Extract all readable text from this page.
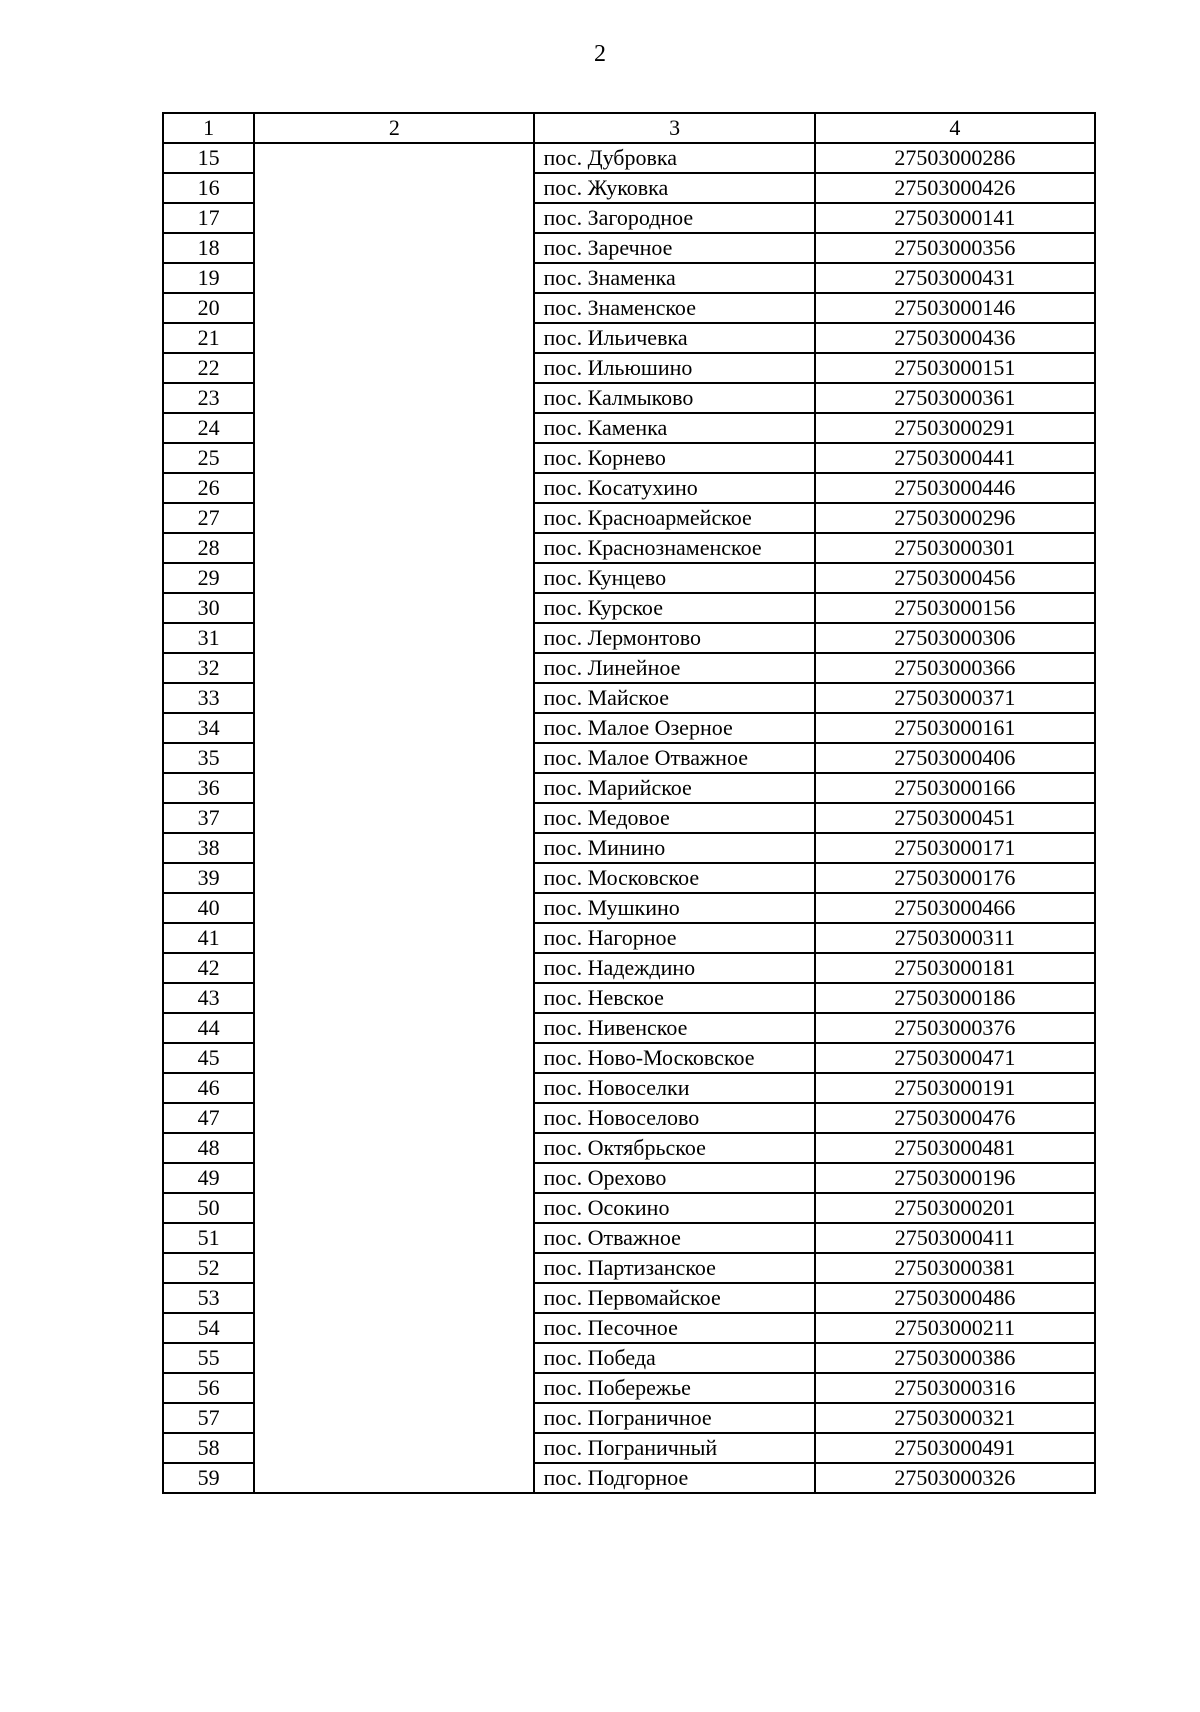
2
1	2	3	4
15		пос. Дубровка	27503000286
16		пос. Жуковка	27503000426
17		пос. Загородное	27503000141
18		пос. Заречное	27503000356
19		пос. Знаменка	27503000431
20		пос. Знаменское	27503000146
21		пос. Ильичевка	27503000436
22		пос. Ильюшино	27503000151
23		пос. Калмыково	27503000361
24		пос. Каменка	27503000291
25		пос. Корнево	27503000441
26		пос. Косатухино	27503000446
27		пос. Красноармейское	27503000296
28		пос. Краснознаменское	27503000301
29		пос. Кунцево	27503000456
30		пос. Курское	27503000156
31		пос. Лермонтово	27503000306
32		пос. Линейное	27503000366
33		пос. Майское	27503000371
34		пос. Малое Озерное	27503000161
35		пос. Малое Отважное	27503000406
36		пос. Марийское	27503000166
37		пос. Медовое	27503000451
38		пос. Минино	27503000171
39		пос. Московское	27503000176
40		пос. Мушкино	27503000466
41		пос. Нагорное	27503000311
42		пос. Надеждино	27503000181
43		пос. Невское	27503000186
44		пос. Нивенское	27503000376
45		пос. Ново-Московское	27503000471
46		пос. Новоселки	27503000191
47		пос. Новоселово	27503000476
48		пос. Октябрьское	27503000481
49		пос. Орехово	27503000196
50		пос. Осокино	27503000201
51		пос. Отважное	27503000411
52		пос. Партизанское	27503000381
53		пос. Первомайское	27503000486
54		пос. Песочное	27503000211
55		пос. Победа	27503000386
56		пос. Побережье	27503000316
57		пос. Пограничное	27503000321
58		пос. Пограничный	27503000491
59		пос. Подгорное	27503000326
